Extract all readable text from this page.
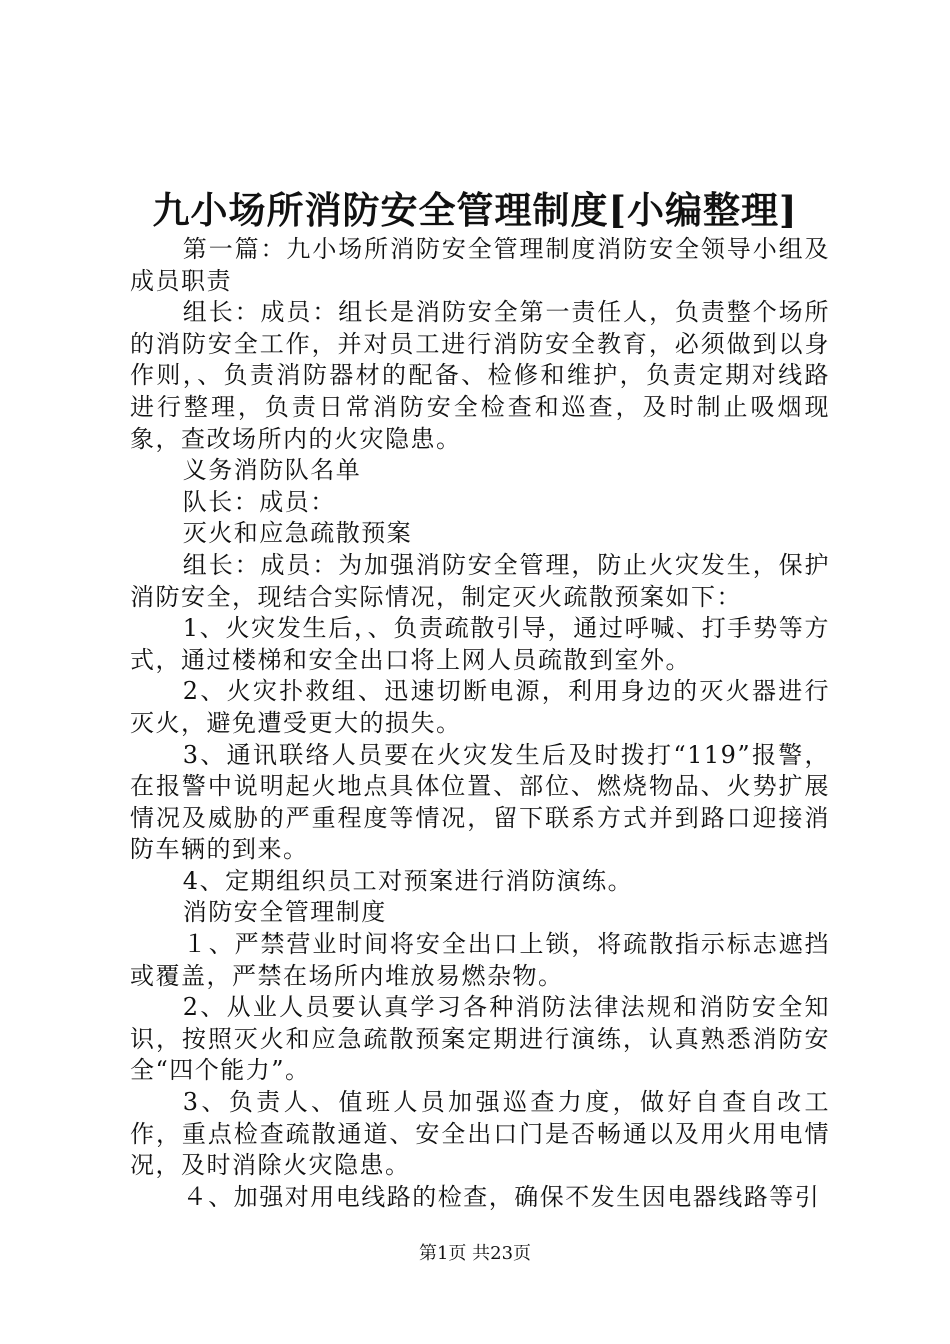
九小场所消防安全管理制度[小编整理]

第一篇：九小场所消防安全管理制度消防安全领导小组及成员职责

组长：成员：组长是消防安全第一责任人，负责整个场所的消防安全工作，并对员工进行消防安全教育，必须做到以身作则，、负责消防器材的配备、检修和维护，负责定期对线路进行整理，负责日常消防安全检查和巡查，及时制止吸烟现象，查改场所内的火灾隐患。

义务消防队名单

队长：成员：

灭火和应急疏散预案

组长：成员：为加强消防安全管理，防止火灾发生，保护消防安全，现结合实际情况，制定灭火疏散预案如下：

1、火灾发生后，、负责疏散引导，通过呼喊、打手势等方式，通过楼梯和安全出口将上网人员疏散到室外。

2、火灾扑救组、迅速切断电源，利用身边的灭火器进行灭火，避免遭受更大的损失。

3、通讯联络人员要在火灾发生后及时拨打“119”报警，在报警中说明起火地点具体位置、部位、燃烧物品、火势扩展情况及威胁的严重程度等情况，留下联系方式并到路口迎接消防车辆的到来。

4、定期组织员工对预案进行消防演练。

消防安全管理制度

１、严禁营业时间将安全出口上锁，将疏散指示标志遮挡或覆盖，严禁在场所内堆放易燃杂物。

2、从业人员要认真学习各种消防法律法规和消防安全知识，按照灭火和应急疏散预案定期进行演练，认真熟悉消防安全“四个能力”。

3、负责人、值班人员加强巡查力度，做好自查自改工作，重点检查疏散通道、安全出口门是否畅通以及用火用电情况，及时消除火灾隐患。

４、加强对用电线路的检查，确保不发生因电器线路等引

第1页 共23页
